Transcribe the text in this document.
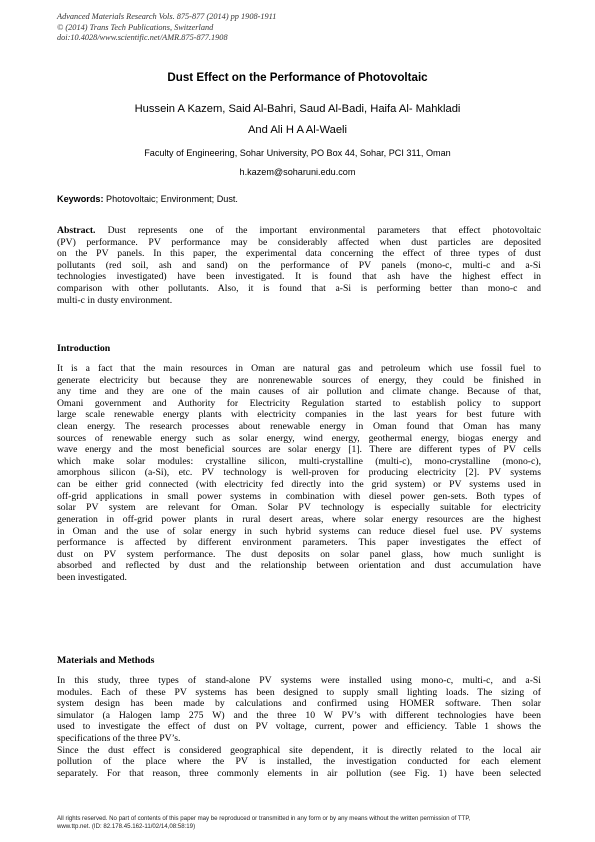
Advanced Materials Research Vols. 875-877 (2014) pp 1908-1911
© (2014) Trans Tech Publications, Switzerland
doi:10.4028/www.scientific.net/AMR.875-877.1908
Dust Effect on the Performance of Photovoltaic
Hussein A Kazem, Said Al-Bahri, Saud Al-Badi, Haifa Al- Mahkladi
And Ali H A Al-Waeli
Faculty of Engineering, Sohar University, PO Box 44, Sohar, PCI 311, Oman
h.kazem@soharuni.edu.com
Keywords: Photovoltaic; Environment; Dust.
Abstract. Dust represents one of the important environmental parameters that effect photovoltaic
(PV) performance. PV performance may be considerably affected when dust particles are deposited
on the PV panels. In this paper, the experimental data concerning the effect of three types of dust
pollutants (red soil, ash and sand) on the performance of PV panels (mono-c, multi-c and a-Si
technologies investigated) have been investigated. It is found that ash have the highest effect in
comparison with other pollutants. Also, it is found that a-Si is performing better than mono-c and
multi-c in dusty environment.
Introduction
It is a fact that the main resources in Oman are natural gas and petroleum which use fossil fuel to
generate electricity but because they are nonrenewable sources of energy, they could be finished in
any time and they are one of the main causes of air pollution and climate change. Because of that,
Omani government and Authority for Electricity Regulation started to establish policy to support
large scale renewable energy plants with electricity companies in the last years for best future with
clean energy. The research processes about renewable energy in Oman found that Oman has many
sources of renewable energy such as solar energy, wind energy, geothermal energy, biogas energy and
wave energy and the most beneficial sources are solar energy [1]. There are different types of PV cells
which make solar modules: crystalline silicon, multi-crystalline (multi-c), mono-crystalline (mono-c),
amorphous silicon (a-Si), etc. PV technology is well-proven for producing electricity [2]. PV systems
can be either grid connected (with electricity fed directly into the grid system) or PV systems used in
off-grid applications in small power systems in combination with diesel power gen-sets. Both types of
solar PV system are relevant for Oman. Solar PV technology is especially suitable for electricity
generation in off-grid power plants in rural desert areas, where solar energy resources are the highest
in Oman and the use of solar energy in such hybrid systems can reduce diesel fuel use. PV systems
performance is affected by different environment parameters. This paper investigates the effect of
dust on PV system performance. The dust deposits on solar panel glass, how much sunlight is
absorbed and reflected by dust and the relationship between orientation and dust accumulation have
been investigated.
Materials and Methods
In this study, three types of stand-alone PV systems were installed using mono-c, multi-c, and a-Si
modules. Each of these PV systems has been designed to supply small lighting loads. The sizing of
system design has been made by calculations and confirmed using HOMER software. Then solar
simulator (a Halogen lamp 275 W) and the three 10 W PV’s with different technologies have been
used to investigate the effect of dust on PV voltage, current, power and efficiency. Table 1 shows the
specifications of the three PV’s.
Since the dust effect is considered geographical site dependent, it is directly related to the local air
pollution of the place where the PV is installed, the investigation conducted for each element
separately. For that reason, three commonly elements in air pollution (see Fig. 1) have been selected
All rights reserved. No part of contents of this paper may be reproduced or transmitted in any form or by any means without the written permission of TTP,
www.ttp.net. (ID: 82.178.45.162-11/02/14,08:58:19)
